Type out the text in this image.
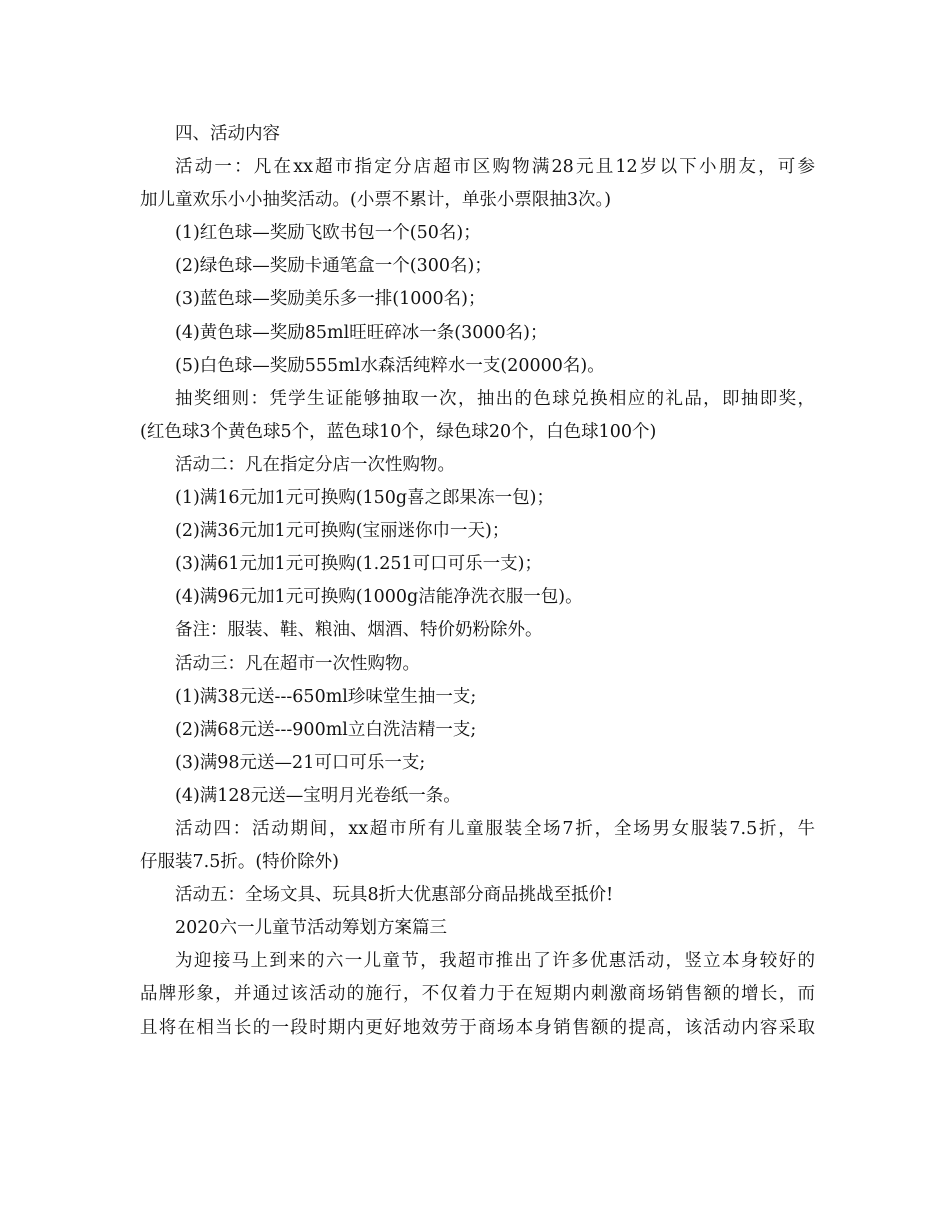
四、活动内容
活动一：凡在xx超市指定分店超市区购物满28元且12岁以下小朋友，可参
加儿童欢乐小小抽奖活动。(小票不累计，单张小票限抽3次。)
(1)红色球—奖励飞欧书包一个(50名)；
(2)绿色球—奖励卡通笔盒一个(300名)；
(3)蓝色球—奖励美乐多一排(1000名)；
(4)黄色球—奖励85ml旺旺碎冰一条(3000名)；
(5)白色球—奖励555ml水森活纯粹水一支(20000名)。
抽奖细则：凭学生证能够抽取一次，抽出的色球兑换相应的礼品，即抽即奖，
(红色球3个黄色球5个，蓝色球10个，绿色球20个，白色球100个)
活动二：凡在指定分店一次性购物。
(1)满16元加1元可换购(150g喜之郎果冻一包)；
(2)满36元加1元可换购(宝丽迷你巾一天)；
(3)满61元加1元可换购(1.251可口可乐一支)；
(4)满96元加1元可换购(1000g洁能净洗衣服一包)。
备注：服装、鞋、粮油、烟酒、特价奶粉除外。
活动三：凡在超市一次性购物。
(1)满38元送---650ml珍味堂生抽一支;
(2)满68元送---900ml立白洗洁精一支;
(3)满98元送—21可口可乐一支;
(4)满128元送—宝明月光卷纸一条。
活动四：活动期间，xx超市所有儿童服装全场7折，全场男女服装7.5折，牛
仔服装7.5折。(特价除外)
活动五：全场文具、玩具8折大优惠部分商品挑战至抵价!
2020六一儿童节活动筹划方案篇三
为迎接马上到来的六一儿童节，我超市推出了许多优惠活动，竖立本身较好的
品牌形象，并通过该活动的施行，不仅着力于在短期内刺激商场销售额的增长，而
且将在相当长的一段时期内更好地效劳于商场本身销售额的提高，该活动内容采取
